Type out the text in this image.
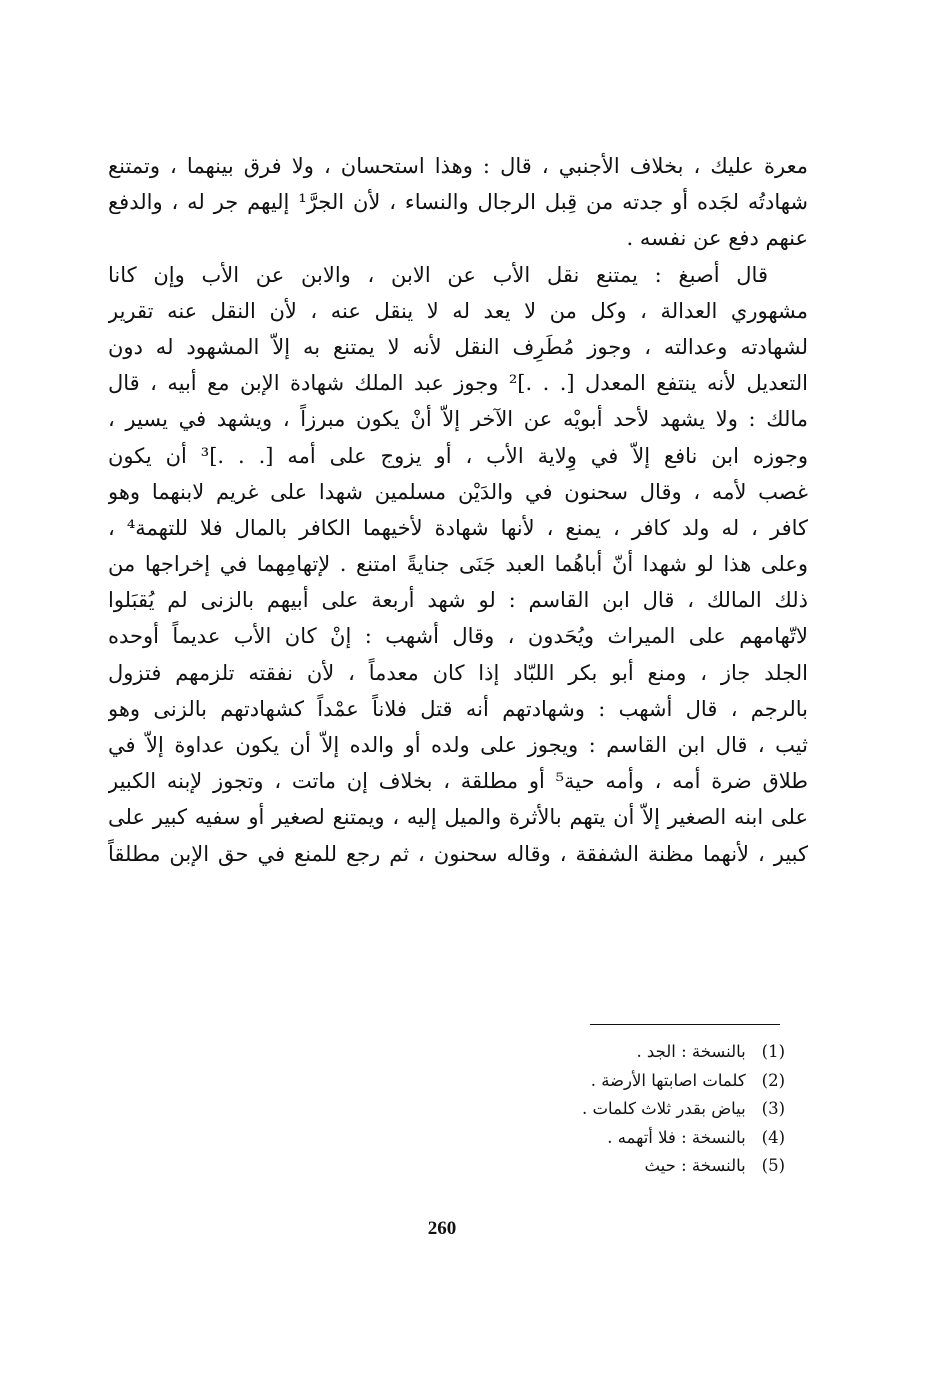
معرة عليك ، بخلاف الأجنبي ، قال : وهذا استحسان ، ولا فرق بينهما ، وتمتنع
شهادتُه لجَده أو جدته من قِبل الرجال والنساء ، لأن الجرَّ¹ إليهم جر له ، والدفع
عنهم دفع عن نفسه .
قال أصبغ : يمتنع نقل الأب عن الابن ، والابن عن الأب وإن كانا
مشهوري العدالة ، وكل من لا يعد له لا ينقل عنه ، لأن النقل عنه تقرير
لشهادته وعدالته ، وجوز مُطَرِف النقل لأنه لا يمتنع به إلاّ المشهود له دون
التعديل لأنه ينتفع المعدل [. . .]² وجوز عبد الملك شهادة الإبن مع أبيه ، قال
مالك : ولا يشهد لأحد أبويْه عن الآخر إلاّ أنْ يكون مبرزاً ، ويشهد في يسير ،
وجوزه ابن نافع إلاّ في وِلاية الأب ، أو يزوج على أمه [. . .]³ أن يكون
غصب لأمه ، وقال سحنون في والدَيْن مسلمين شهدا على غريم لابنهما وهو
كافر ، له ولد كافر ، يمنع ، لأنها شهادة لأخيهما الكافر بالمال فلا للتهمة⁴ ،
وعلى هذا لو شهدا أنّ أباهُما العبد جَنَى جنايةً امتنع . لإتهامِهما في إخراجها من
ذلك المالك ، قال ابن القاسم : لو شهد أربعة على أبيهم بالزنى لم يُقبَلوا
لاتّهامهم على الميراث ويُحَدون ، وقال أشهب : إنْ كان الأب عديماً أوحده
الجلد جاز ، ومنع أبو بكر اللبّاد إذا كان معدماً ، لأن نفقته تلزمهم فتزول
بالرجم ، قال أشهب : وشهادتهم أنه قتل فلاناً عمْداً كشهادتهم بالزنى وهو
ثيب ، قال ابن القاسم : ويجوز على ولده أو والده إلاّ أن يكون عداوة إلاّ في
طلاق ضرة أمه ، وأمه حية⁵ أو مطلقة ، بخلاف إن ماتت ، وتجوز لإبنه الكبير
على ابنه الصغير إلاّ أن يتهم بالأثرة والميل إليه ، ويمتنع لصغير أو سفيه كبير على
كبير ، لأنهما مظنة الشفقة ، وقاله سحنون ، ثم رجع للمنع في حق الإبن مطلقاً
(1) بالنسخة : الجد .
(2) كلمات اصابتها الأرضة .
(3) بياض بقدر ثلاث كلمات .
(4) بالنسخة : فلا أتهمه .
(5) بالنسخة : حيث
260
